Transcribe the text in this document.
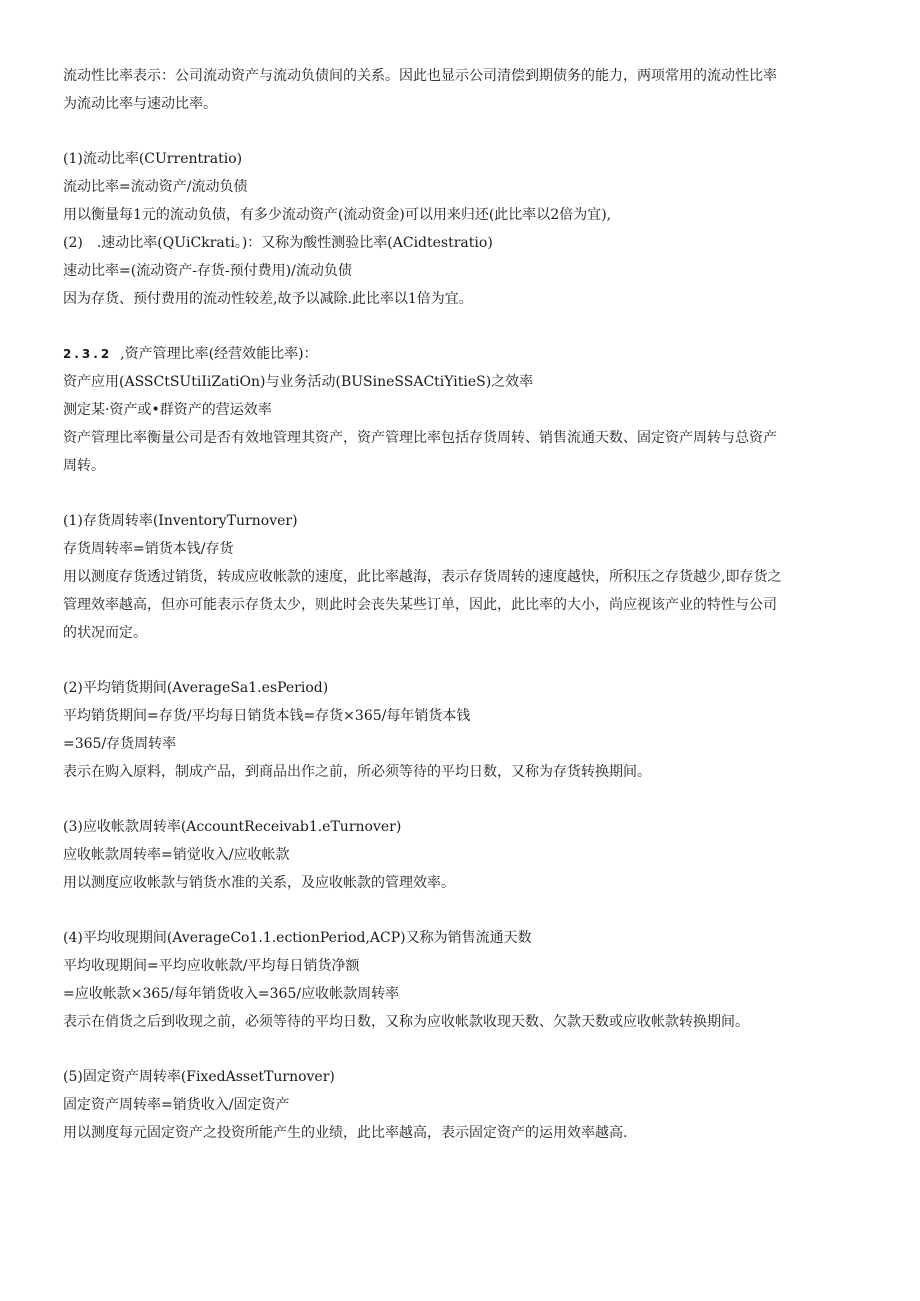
流动性比率表示：公司流动资产与流动负债间的关系。因此也显示公司清偿到期债务的能力，两项常用的流动性比率
为流动比率与速动比率。
(1)流动比率(CUrrentratio)
流动比率=流动资产/流动负债
用以衡量每1元的流动负债，有多少流动资产(流动资金)可以用来归还(此比率以2倍为宜),
(2)　.速动比率(QUiCkrati。)：又称为酸性测验比率(ACidtestratio)
速动比率=(流动资产-存货-预付费用)/流动负债
因为存货、预付费用的流动性较差,故予以减除.此比率以1倍为宜。
2.3.2 ,资产管理比率(经营效能比率)：
资产应用(ASSCtSUtiIiZatiOn)与业务活动(BUSineSSACtiYitieS)之效率
测定某·资产或•群资产的营运效率
资产管理比率衡量公司是否有效地管理其资产，资产管理比率包括存货周转、销售流通天数、固定资产周转与总资产
周转。
(1)存货周转率(InventoryTurnover)
存货周转率=销货本钱/存货
用以测度存货透过销货，转成应收帐款的速度，此比率越海，表示存货周转的速度越快，所积压之存货越少,即存货之
管理效率越高，但亦可能表示存货太少，则此时会丧失某些订单，因此，此比率的大小，尚应视该产业的特性与公司
的状况而定。
(2)平均销货期间(AverageSa1.esPeriod)
平均销货期间=存货/平均每日销货本钱=存货×365/每年销货本钱
=365/存货周转率
表示在购入原料，制成产品，到商品出作之前，所必须等待的平均日数，又称为存货转换期间。
(3)应收帐款周转率(AccountReceivab1.eTurnover)
应收帐款周转率=销觉收入/应收帐款
用以测度应收帐款与销货水准的关系，及应收帐款的管理效率。
(4)平均收现期间(AverageCo1.1.ectionPeriod,ACP)又称为销售流通天数
平均收现期间=平均应收帐款/平均每日销货净额
=应收帐款×365/每年销货收入=365/应收帐款周转率
表示在俏货之后到收现之前，必须等待的平均日数，又称为应收帐款收现天数、欠款天数或应收帐款转换期间。
(5)固定资产周转率(FixedAssetTurnover)
固定资产周转率=销货收入/固定资产
用以测度每元固定资产之投资所能产生的业绩，此比率越高，表示固定资产的运用效率越高.
